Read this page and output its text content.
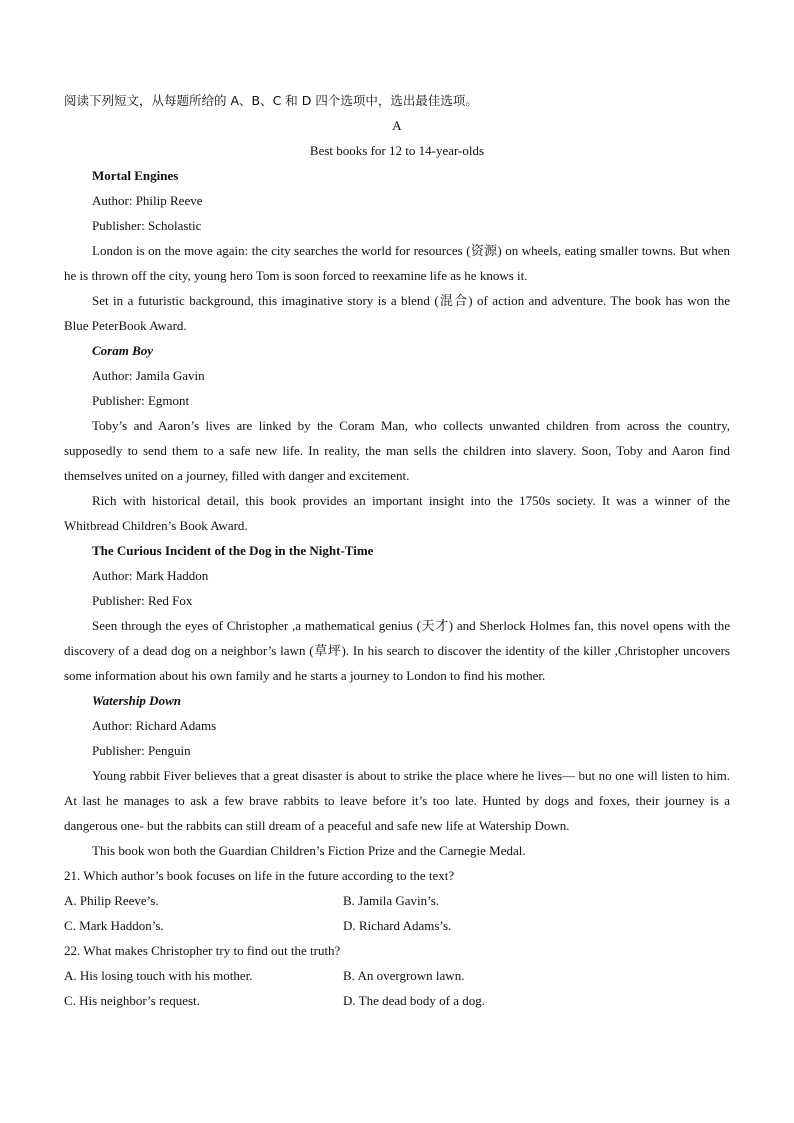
阅读下列短文，从每题所给的 A、B、C 和 D 四个选项中，选出最佳选项。
A
Best books for 12 to 14-year-olds
Mortal Engines
Author: Philip Reeve
Publisher: Scholastic

London is on the move again: the city searches the world for resources (资源) on wheels, eating smaller towns. But when he is thrown off the city, young hero Tom is soon forced to reexamine life as he knows it.

Set in a futuristic background, this imaginative story is a blend (混合) of action and adventure. The book has won the Blue PeterBook Award.

Coram Boy
Author: Jamila Gavin
Publisher: Egmont

Toby’s and Aaron’s lives are linked by the Coram Man, who collects unwanted children from across the country, supposedly to send them to a safe new life. In reality, the man sells the children into slavery. Soon, Toby and Aaron find themselves united on a journey, filled with danger and excitement.

Rich with historical detail, this book provides an important insight into the 1750s society. It was a winner of the Whitbread Children’s Book Award.

The Curious Incident of the Dog in the Night-Time
Author: Mark Haddon
Publisher: Red Fox

Seen through the eyes of Christopher ,a mathematical genius (天才) and Sherlock Holmes fan, this novel opens with the discovery of a dead dog on a neighbor’s lawn (草坪). In his search to discover the identity of the killer ,Christopher uncovers some information about his own family and he starts a journey to London to find his mother.

Watership Down
Author: Richard Adams
Publisher: Penguin

Young rabbit Fiver believes that a great disaster is about to strike the place where he lives— but no one will listen to him. At last he manages to ask a few brave rabbits to leave before it’s too late. Hunted by dogs and foxes, their journey is a dangerous one- but the rabbits can still dream of a peaceful and safe new life at Watership Down.

This book won both the Guardian Children’s Fiction Prize and the Carnegie Medal.

21. Which author’s book focuses on life in the future according to the text?
A. Philip Reeve’s.	B. Jamila Gavin’s.
C. Mark Haddon’s.	D. Richard Adams’s.
22. What makes Christopher try to find out the truth?
A. His losing touch with his mother.	B. An overgrown lawn.
C. His neighbor’s request.	D. The dead body of a dog.
